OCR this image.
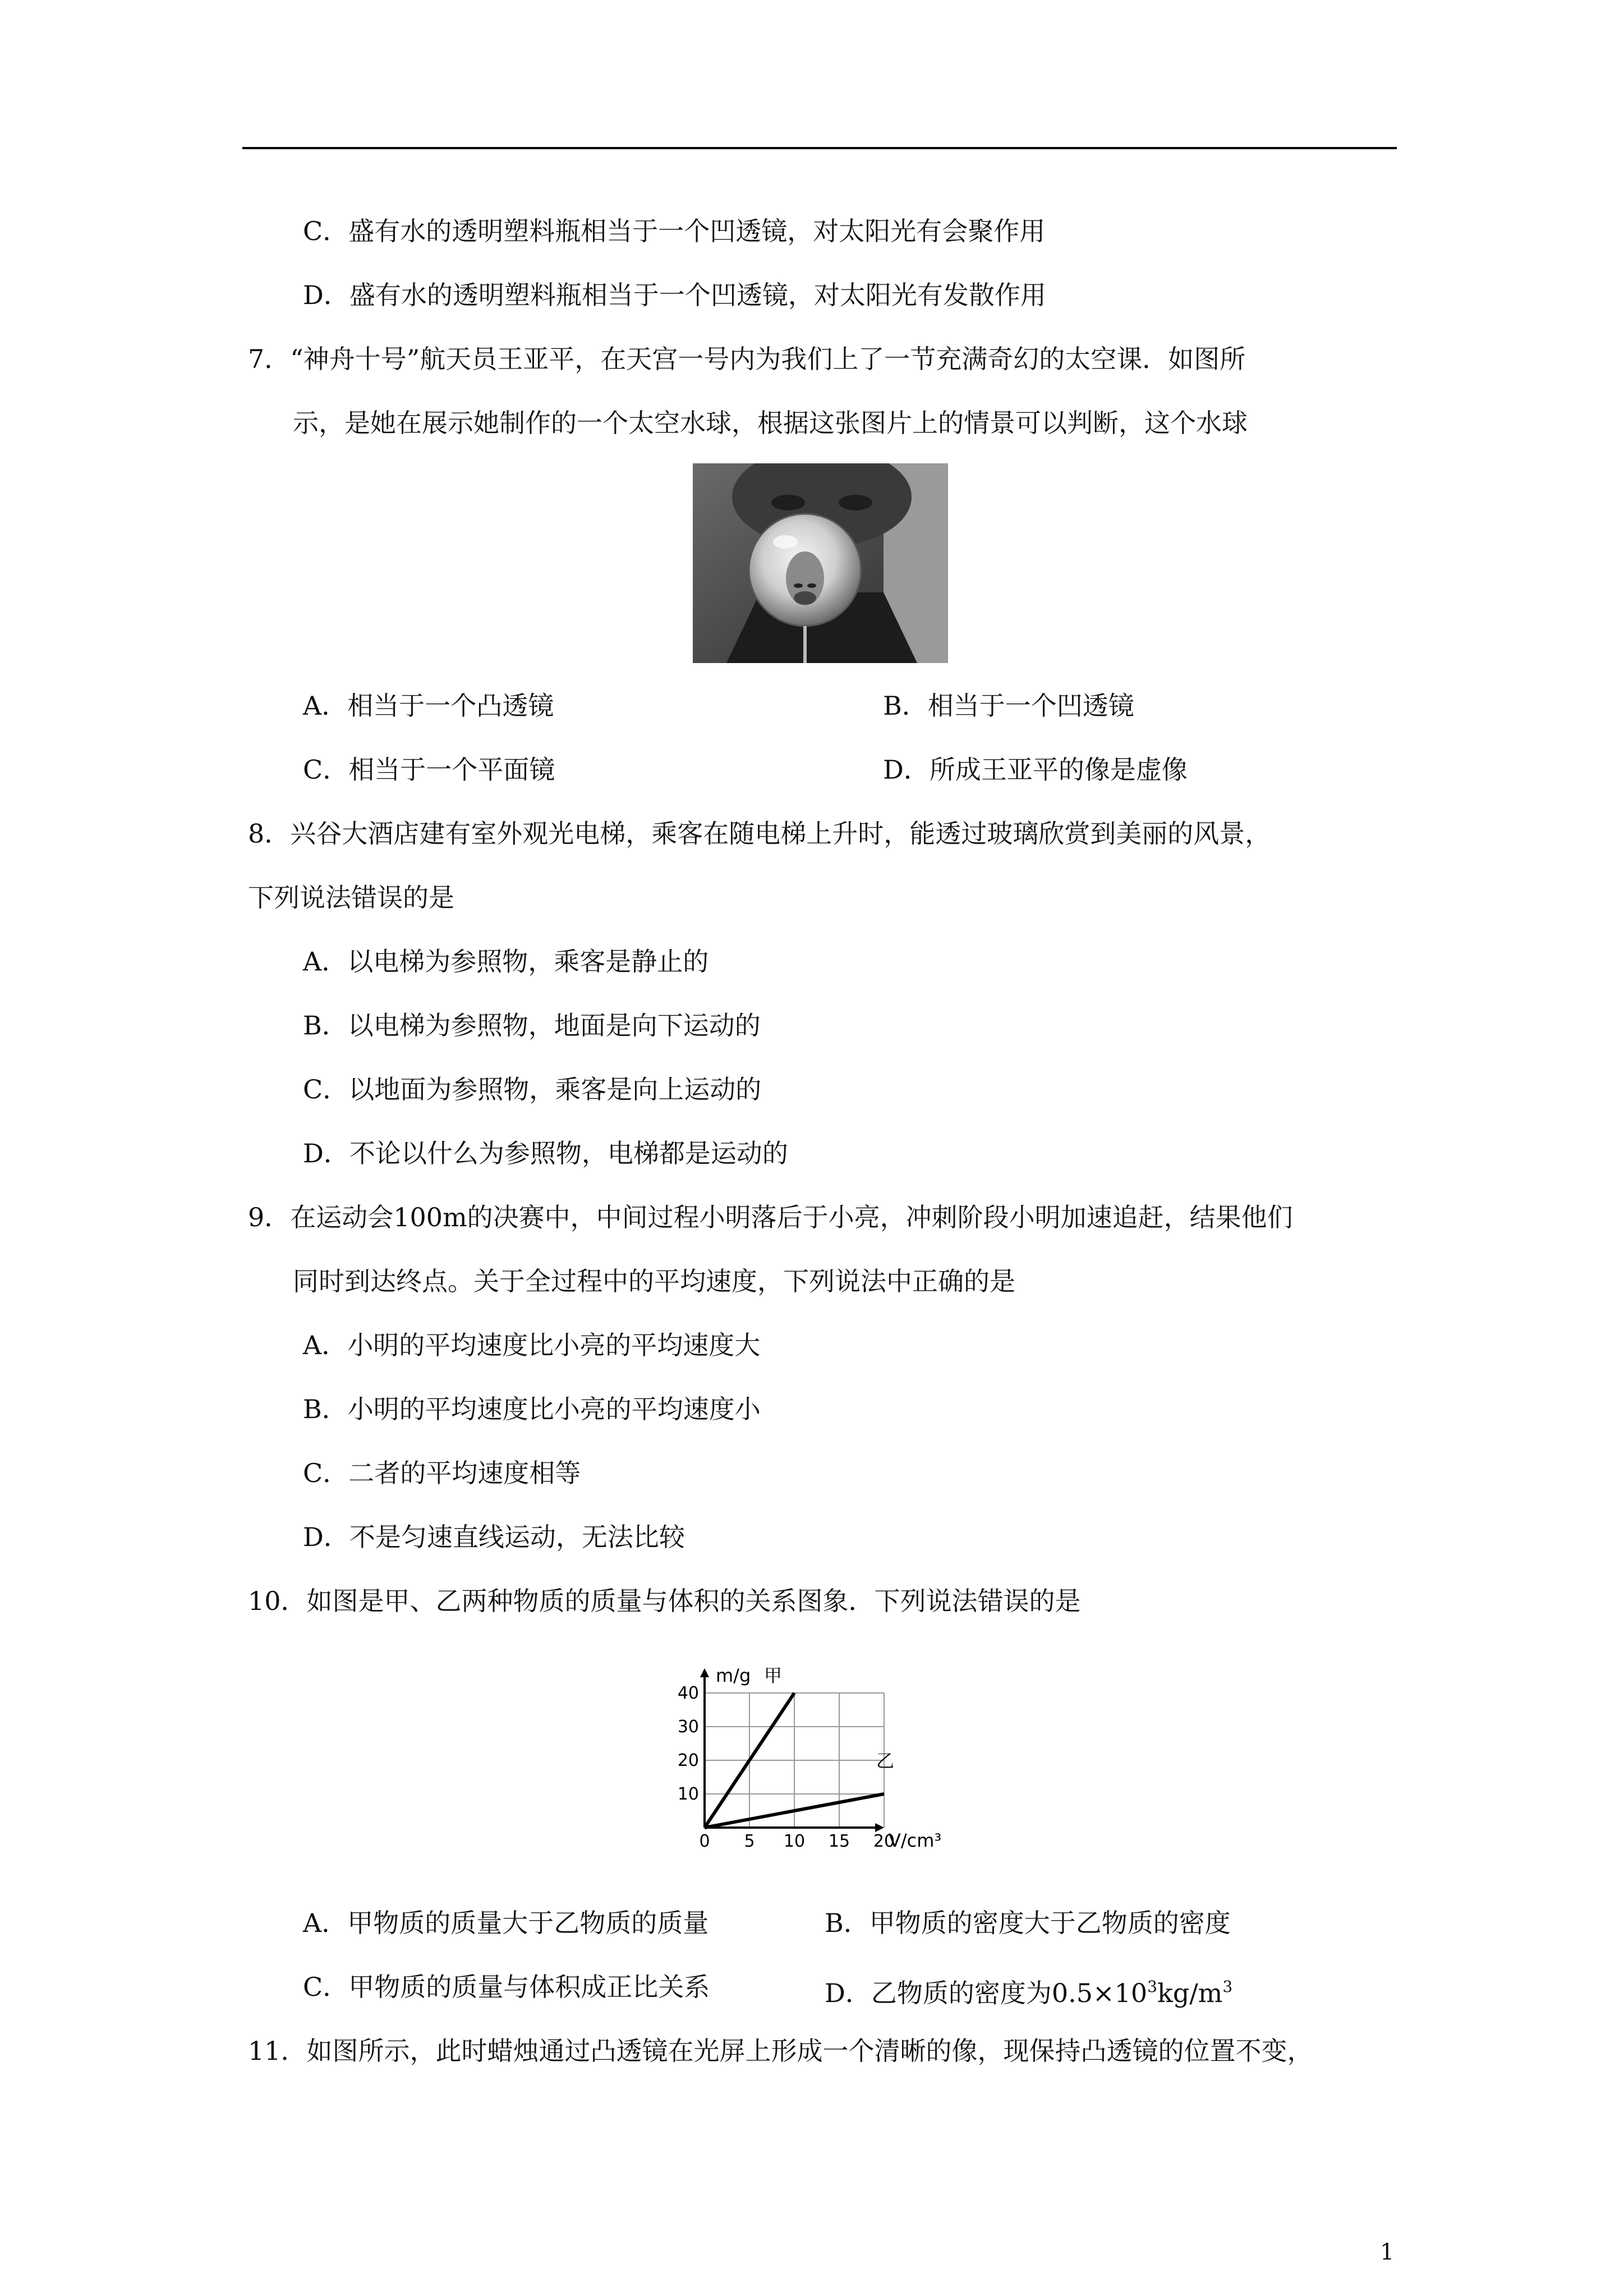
C．盛有水的透明塑料瓶相当于一个凹透镜，对太阳光有会聚作用
D．盛有水的透明塑料瓶相当于一个凹透镜，对太阳光有发散作用
7．“神舟十号”航天员王亚平，在天宫一号内为我们上了一节充满奇幻的太空课．如图所
示，是她在展示她制作的一个太空水球，根据这张图片上的情景可以判断，这个水球
A．相当于一个凸透镜	B．相当于一个凹透镜
C．相当于一个平面镜	D．所成王亚平的像是虚像
8．兴谷大酒店建有室外观光电梯，乘客在随电梯上升时，能透过玻璃欣赏到美丽的风景，
下列说法错误的是
A．以电梯为参照物，乘客是静止的
B．以电梯为参照物，地面是向下运动的
C．以地面为参照物，乘客是向上运动的
D．不论以什么为参照物，电梯都是运动的
9．在运动会100m的决赛中，中间过程小明落后于小亮，冲刺阶段小明加速追赶，结果他们
同时到达终点。关于全过程中的平均速度，下列说法中正确的是
A．小明的平均速度比小亮的平均速度大
B．小明的平均速度比小亮的平均速度小
C．二者的平均速度相等
D．不是匀速直线运动，无法比较
10．如图是甲、乙两种物质的质量与体积的关系图象．下列说法错误的是
0 5 10 15 20
10
20
30
40
m/g
V/cm³
甲
乙
A．甲物质的质量大于乙物质的质量	B．甲物质的密度大于乙物质的密度
C．甲物质的质量与体积成正比关系	D．乙物质的密度为$0.5\times 10^3kg/m^3$
11．如图所示，此时蜡烛通过凸透镜在光屏上形成一个清晰的像，现保持凸透镜的位置不变，
1
